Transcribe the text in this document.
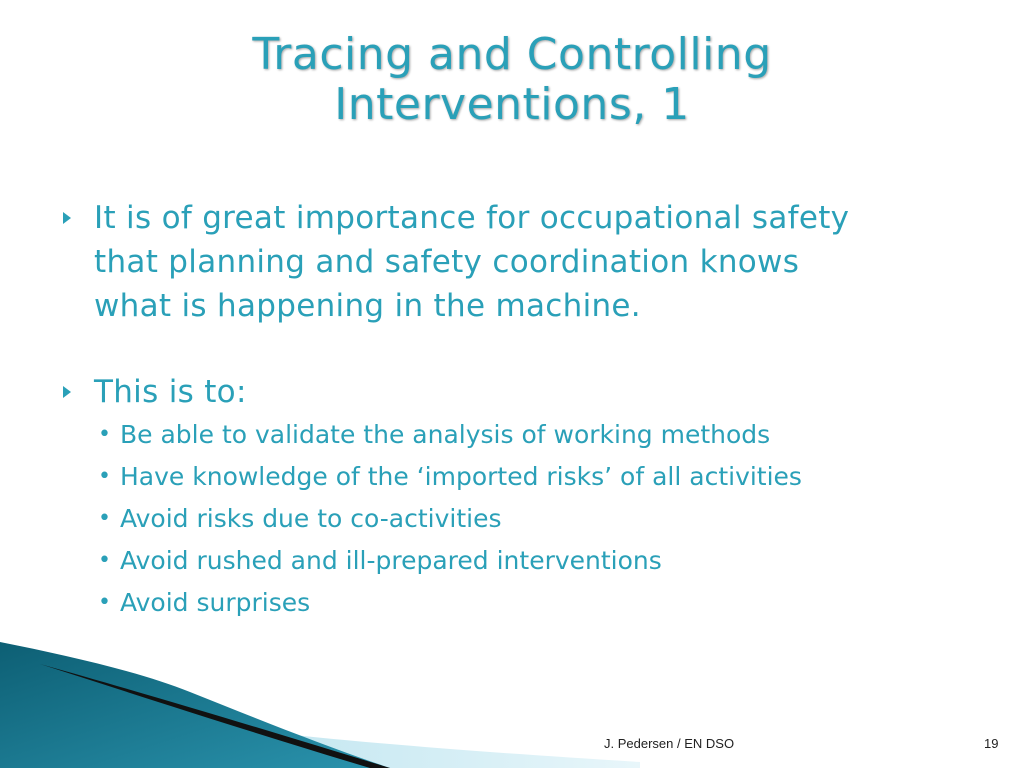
Tracing and Controlling
Interventions, 1
It is of great importance for occupational safety
that planning and safety coordination knows
what is happening in the machine.
This is to:
• Be able to validate the analysis of working methods
• Have knowledge of the ‘imported risks’ of all activities
• Avoid risks due to co-activities
• Avoid rushed and ill-prepared interventions
• Avoid surprises
J. Pedersen / EN DSO	19
